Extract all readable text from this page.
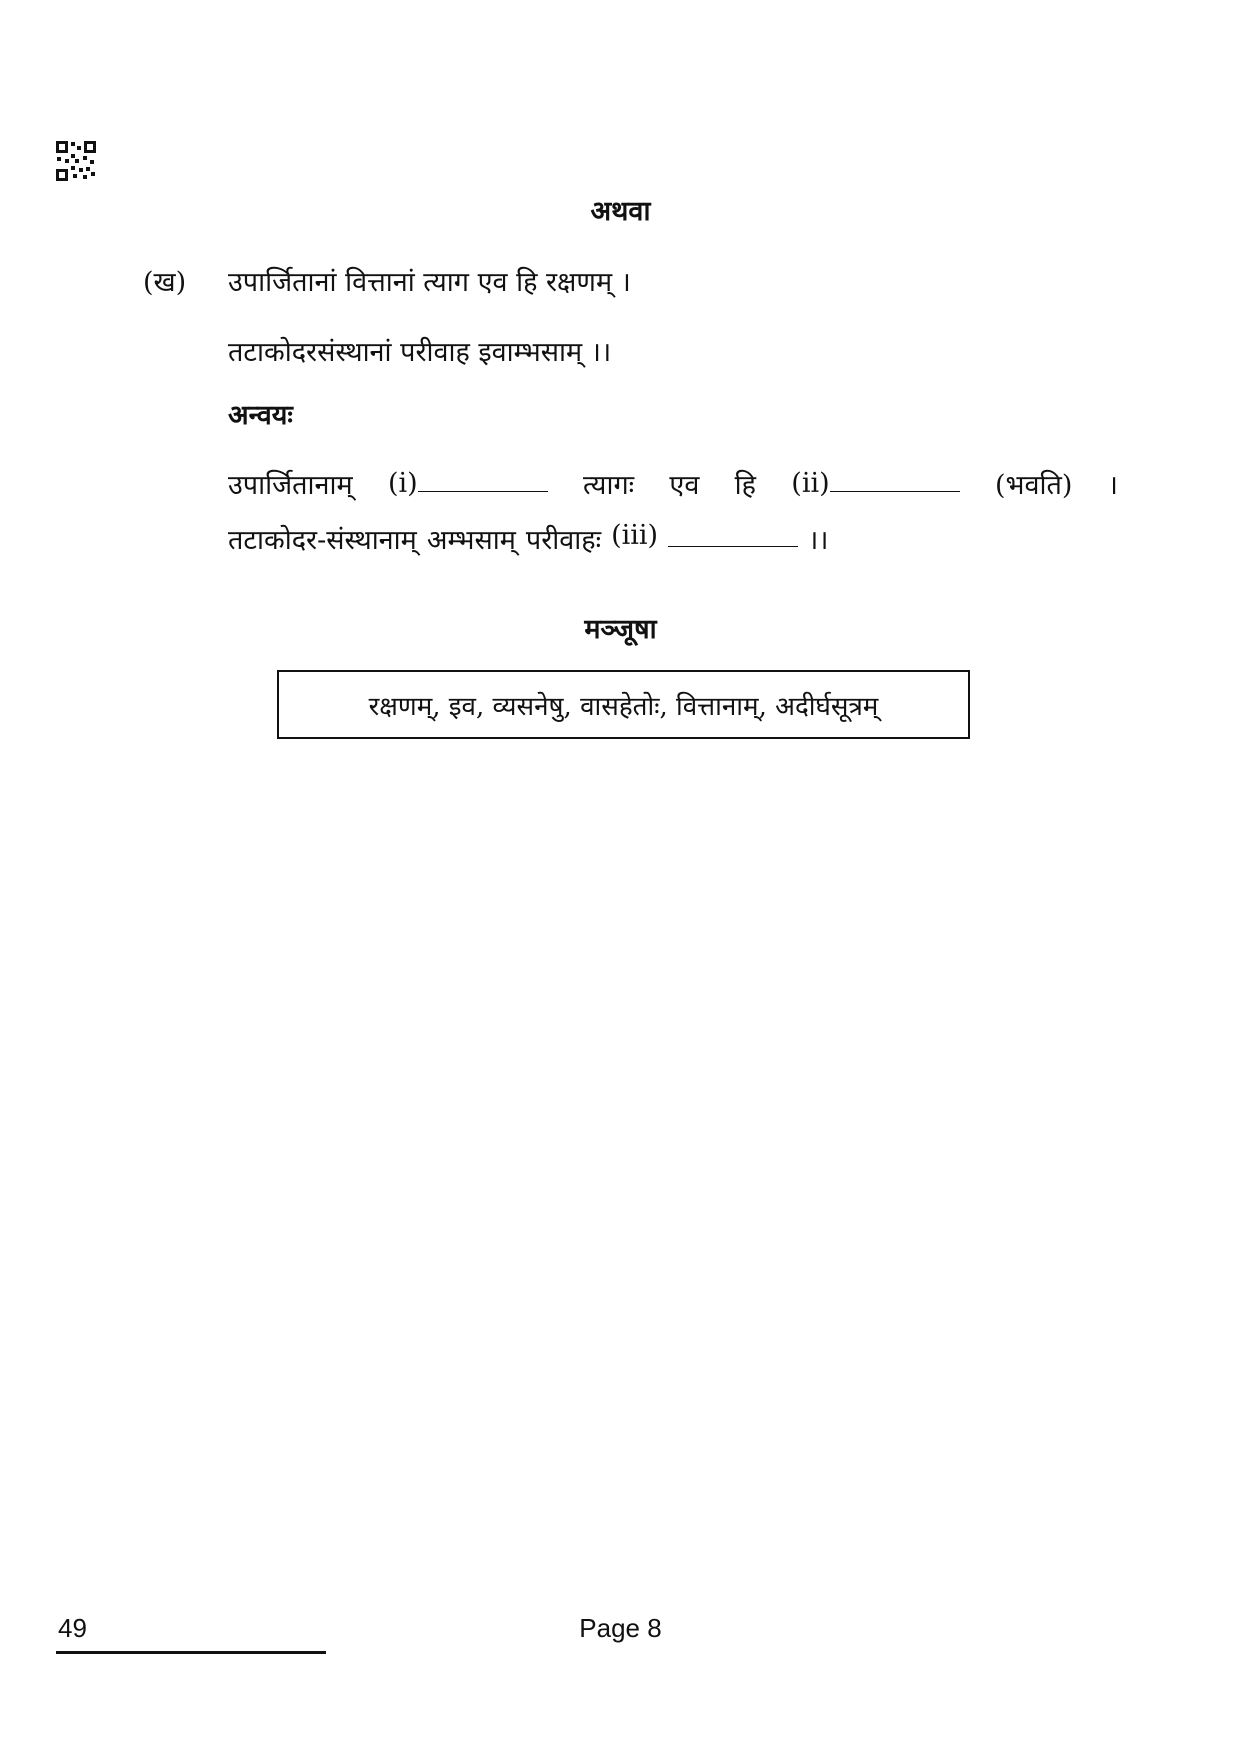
अथवा
(ख) उपार्जितानां वित्तानां त्याग एव हि रक्षणम् ।
तटाकोदरसंस्थानां परीवाह इवाम्भसाम् ।।
अन्वयः
उपार्जितानाम् (i)	त्यागः एव हि (ii)	(भवति) ।
तटाकोदर-संस्थानाम् अम्भसाम् परीवाहः (iii)	।।
मञ्जूषा
रक्षणम्, इव, व्यसनेषु, वासहेतोः, वित्तानाम्, अदीर्घसूत्रम्
49	Page 8
